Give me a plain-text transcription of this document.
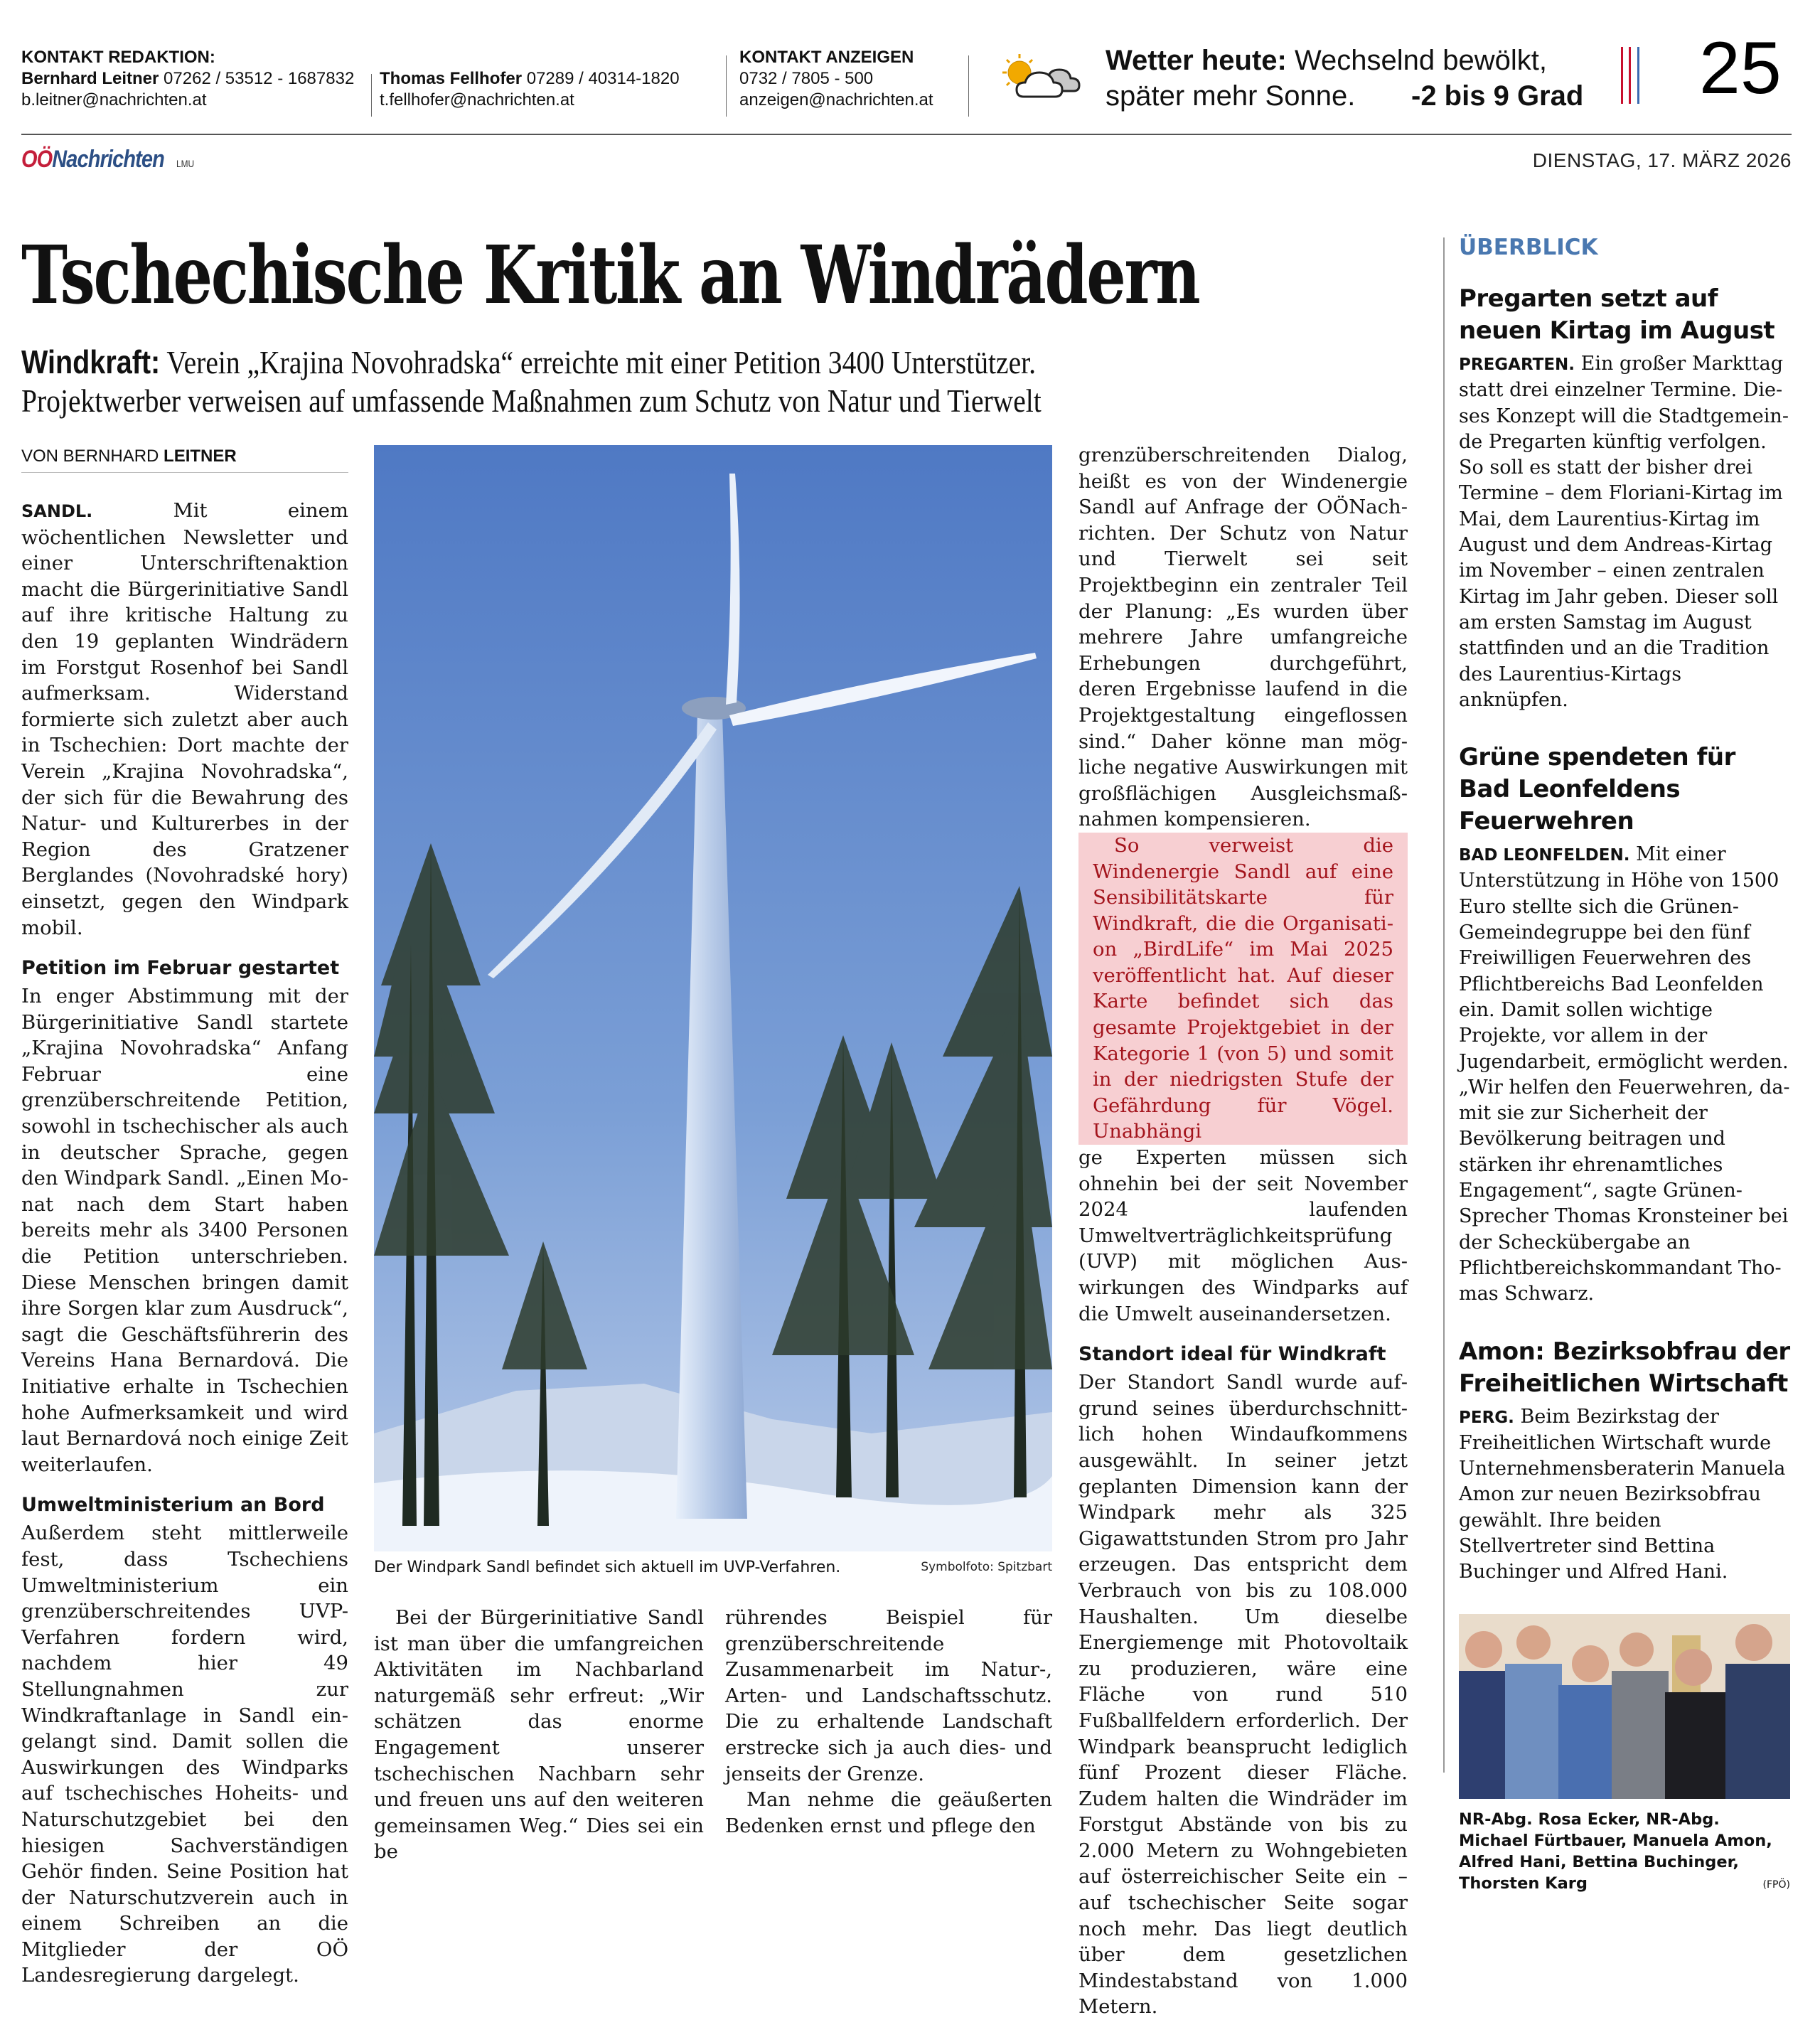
KONTAKT REDAKTION:
Bernhard Leitner 07262 / 53512 - 1687832
b.leitner@nachrichten.at
Thomas Fellhofer 07289 / 40314-1820
t.fellhofer@nachrichten.at
KONTAKT ANZEIGEN
0732 / 7805 - 500
anzeigen@nachrichten.at
Wetter heute: Wechselnd bewölkt,
später mehr Sonne.	-2 bis 9 Grad 25
OÖNachrichten LMU	DIENSTAG, 17. MÄRZ 2026
Tschechische Kritik an Windrädern
Windkraft: Verein „Krajina Novohradska“ erreichte mit einer Petition 3400 Unterstützer.
Projektwerber verweisen auf umfassende Maßnahmen zum Schutz von Natur und Tierwelt
VON BERNHARD LEITNER

SANDL.	Mit einem wöchentlichen Newsletter und einer Unterschriftenaktion macht die Bürgerinitiative Sandl auf ihre kritische Haltung zu den 19 geplanten Windrädern im Forstgut Rosenhof bei Sandl aufmerksam. Widerstand formierte sich zuletzt aber auch in Tschechien: Dort machte der Verein „Krajina Novohradska“, der sich für die Bewahrung des Natur- und Kulturerbes in der Region des Gratzener Berglandes (Novohradské hory) einsetzt, gegen den Windpark mobil.

Petition im Februar gestartet

In enger Abstimmung mit der Bürgerinitiative Sandl startete „Krajina Novohradska“ Anfang Februar eine grenzüberschreitende Petition, sowohl in tschechischer als auch in deutscher Sprache, gegen den Windpark Sandl. „Einen Monat nach dem Start haben bereits mehr als 3400 Personen die Petition unterschrieben. Diese Menschen bringen damit ihre Sorgen klar zum Ausdruck“, sagt die Geschäftsführerin des Vereins Hana Bernardová. Die Initiative erhalte in Tschechien hohe Aufmerksamkeit und wird laut Bernardová noch einige Zeit weiterlaufen.

Umweltministerium an Bord

Außerdem steht mittlerweile fest, dass Tschechiens Umweltministerium ein grenzüberschreitendes UVP-Verfahren fordern wird, nachdem hier 49 Stellungnahmen zur Windkraftanlage in Sandl eingelangt sind. Damit sollen die Auswirkungen des Windparks auf tschechisches Hoheits- und Naturschutzgebiet bei den hiesigen Sachverständigen Gehör finden. Seine Position hat der Naturschutzverein auch in einem Schreiben an die Mitglieder der OÖ Landesregierung dargelegt.

Der Windpark Sandl befindet sich aktuell im UVP-Verfahren.	Symbolfoto: Spitzbart

Bei der Bürgerinitiative Sandl ist man über die umfangreichen Aktivitäten im Nachbarland naturgemäß sehr erfreut: „Wir schätzen das enorme Engagement unserer tschechischen Nachbarn sehr und freuen uns auf den weiteren gemeinsamen Weg.“ Dies sei ein be

rührendes Beispiel für grenzüberschreitende Zusammenarbeit im Natur-, Arten- und Landschaftsschutz. Die zu erhaltende Landschaft erstrecke sich ja auch dies- und jenseits der Grenze.

Man nehme die geäußerten Bedenken ernst und pflege den

grenzüberschreitenden Dialog, heißt es von der Windenergie Sandl auf Anfrage der OÖNachrichten. Der Schutz von Natur und Tierwelt sei seit Projektbeginn ein zentraler Teil der Planung: „Es wurden über mehrere Jahre umfangreiche Erhebungen durchgeführt, deren Ergebnisse laufend in die Projektgestaltung eingeflossen sind.“ Daher könne man mögliche negative Auswirkungen mit großflächigen Ausgleichsmaßnahmen kompensieren.

So verweist die Windenergie Sandl auf eine Sensibilitätskarte für Windkraft, die die Organisation „BirdLife“ im Mai 2025 veröffentlicht hat. Auf dieser Karte befindet sich das gesamte Projektgebiet in der Kategorie 1 (von 5) und somit in der niedrigsten Stufe der Gefährdung für Vögel. Unabhängi

ge Experten müssen sich ohnehin bei der seit November 2024 laufenden Umweltverträglichkeitsprüfung (UVP) mit möglichen Auswirkungen des Windparks auf die Umwelt auseinandersetzen.

Standort ideal für Windkraft

Der Standort Sandl wurde aufgrund seines überdurchschnittlich hohen Windaufkommens ausgewählt. In seiner jetzt geplanten Dimension kann der Windpark mehr als 325 Gigawattstunden Strom pro Jahr erzeugen. Das entspricht dem Verbrauch von bis zu 108.000 Haushalten. Um dieselbe Energiemenge mit Photovoltaik zu produzieren, wäre eine Fläche von rund 510 Fußballfeldern erforderlich. Der Windpark beansprucht lediglich fünf Prozent dieser Fläche. Zudem halten die Windräder im Forstgut Abstände von bis zu 2.000 Metern zu Wohngebieten auf österreichischer Seite ein – auf tschechischer Seite sogar noch mehr. Das liegt deutlich über dem gesetzlichen Mindestabstand von 1.000 Metern.

ÜBERBLICK
Pregarten setzt auf neuen Kirtag im August

PREGARTEN. Ein großer Markttag statt drei einzelner Termine. Dieses Konzept will die Stadtgemeinde Pregarten künftig verfolgen. So soll es statt der bisher drei Termine – dem Floriani-Kirtag im Mai, dem Laurentius-Kirtag im August und dem Andreas-Kirtag im November – einen zentralen Kirtag im Jahr geben. Dieser soll am ersten Samstag im August stattfinden und an die Tradition des Laurentius-Kirtags anknüpfen.

Grüne spendeten für Bad Leonfeldens Feuerwehren

BAD LEONFELDEN. Mit einer Unterstützung in Höhe von 1500 Euro stellte sich die Grünen-Gemeindegruppe bei den fünf Freiwilligen Feuerwehren des Pflichtbereichs Bad Leonfelden ein. Damit sollen wichtige Projekte, vor allem in der Jugendarbeit, ermöglicht werden. „Wir helfen den Feuerwehren, damit sie zur Sicherheit der Bevölkerung beitragen und stärken ihr ehrenamtliches Engagement“, sagte Grünen-Sprecher Thomas Kronsteiner bei der Scheckübergabe an Pflichtbereichskommandant Thomas Schwarz.

Amon: Bezirksobfrau der Freiheitlichen Wirtschaft

PERG. Beim Bezirkstag der Freiheitlichen Wirtschaft wurde Unternehmensberaterin Manuela Amon zur neuen Bezirksobfrau gewählt. Ihre beiden Stellvertreter sind Bettina Buchinger und Alfred Hani.

NR-Abg. Rosa Ecker, NR-Abg. Michael Fürtbauer, Manuela Amon, Alfred Hani, Bettina Buchinger, Thorsten Karg	(FPÖ)
